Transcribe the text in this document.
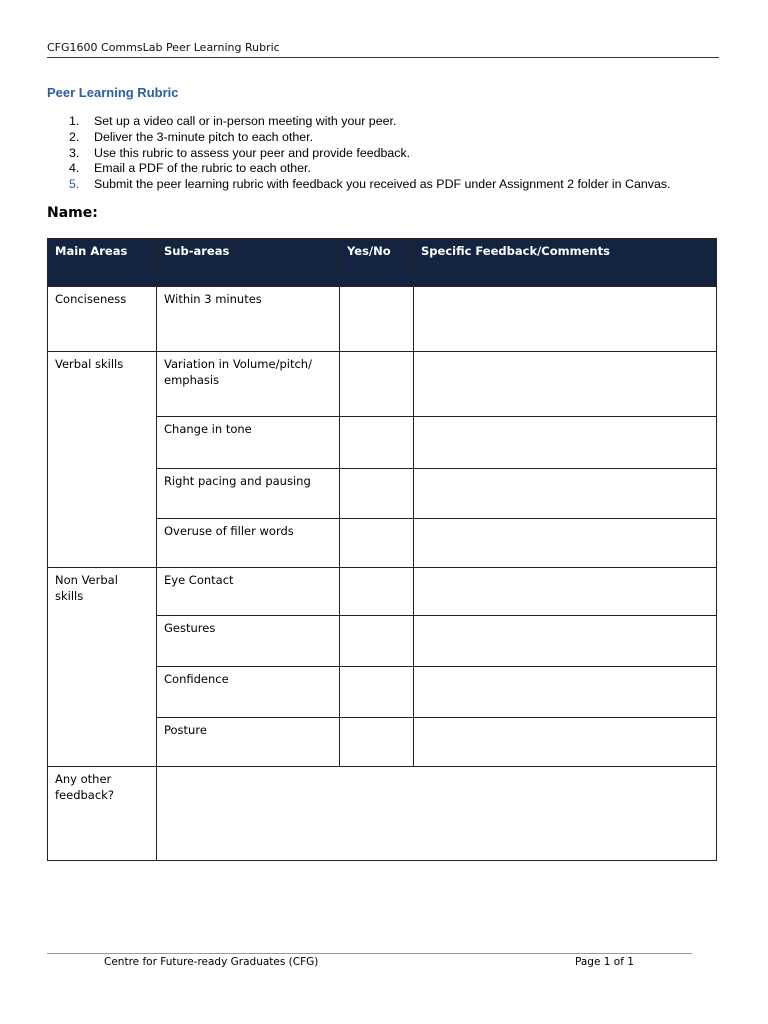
CFG1600 CommsLab Peer Learning Rubric
Peer Learning Rubric
1. Set up a video call or in-person meeting with your peer.
2. Deliver the 3-minute pitch to each other.
3. Use this rubric to assess your peer and provide feedback.
4. Email a PDF of the rubric to each other.
5. Submit the peer learning rubric with feedback you received as PDF under Assignment 2 folder in Canvas.
Name:
Main Areas	Sub-areas	Yes/No	Specific Feedback/Comments
Conciseness	Within 3 minutes		
Verbal skills	Variation in Volume/pitch/ emphasis		
	Change in tone		
	Right pacing and pausing		
	Overuse of filler words		
Non Verbal skills	Eye Contact		
	Gestures		
	Confidence		
	Posture		
Any other feedback?			
Centre for Future-ready Graduates (CFG)	Page 1 of 1
